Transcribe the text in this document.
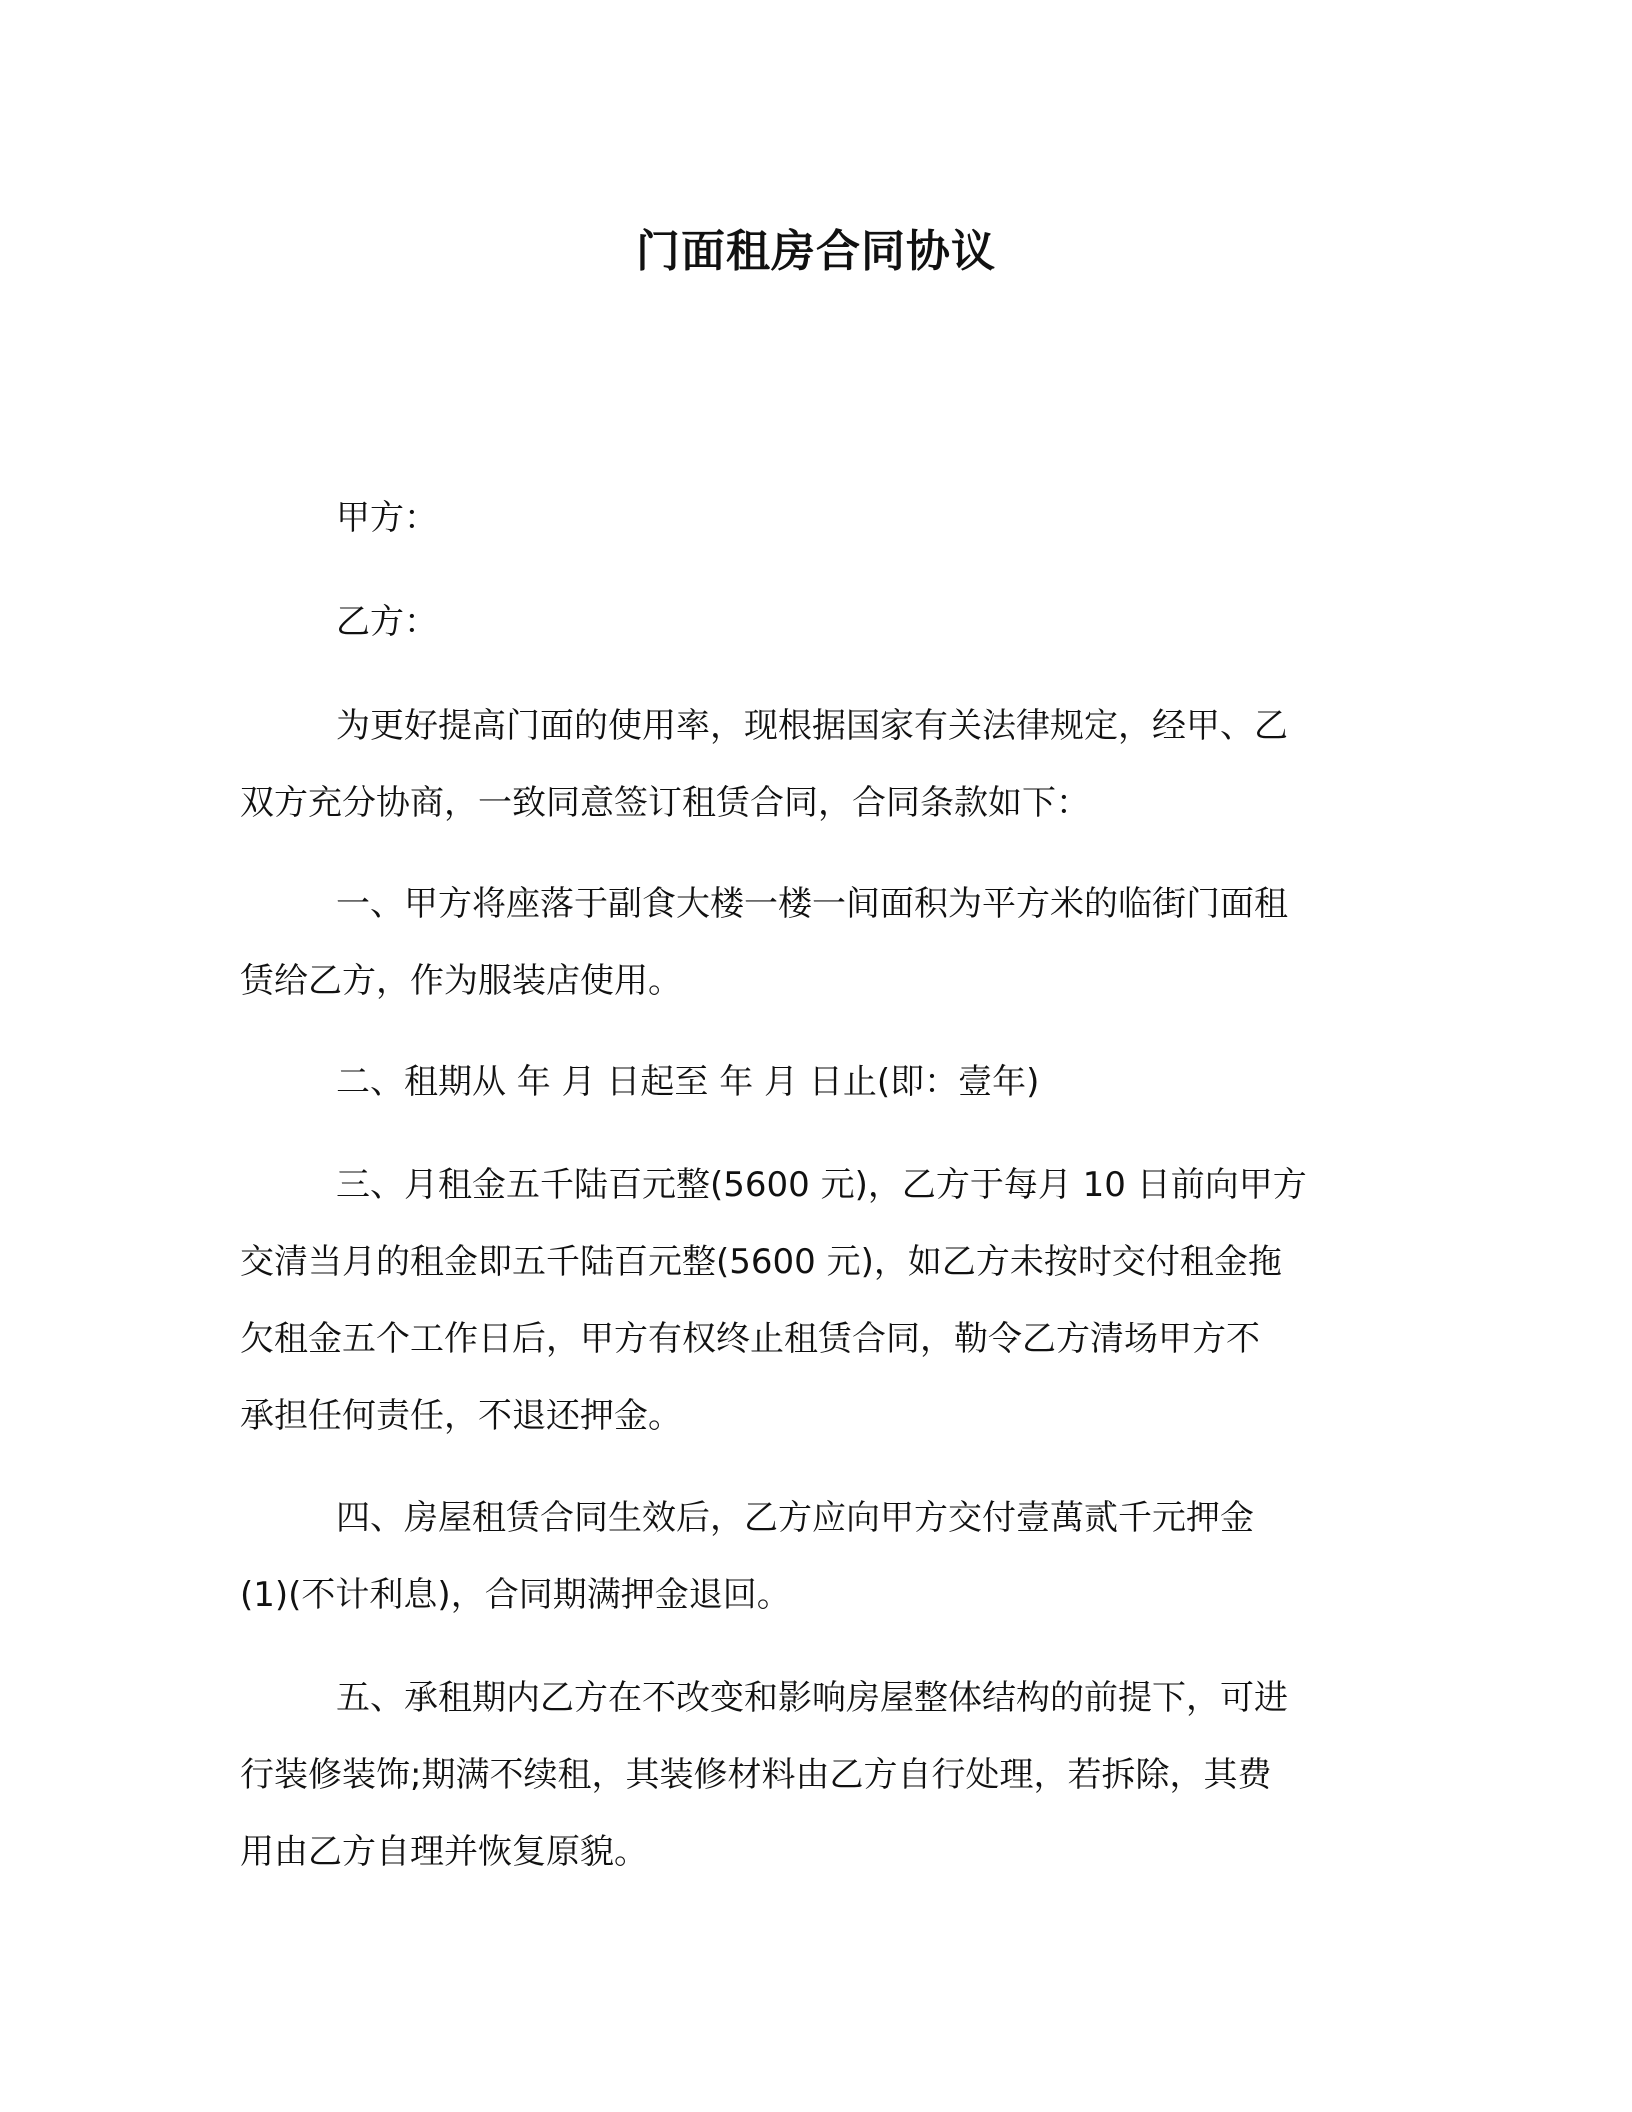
门面租房合同协议
甲方：
乙方：
为更好提高门面的使用率，现根据国家有关法律规定，经甲、乙
双方充分协商，一致同意签订租赁合同，合同条款如下：
一、甲方将座落于副食大楼一楼一间面积为平方米的临街门面租
赁给乙方，作为服装店使用。
二、租期从 年 月 日起至 年 月 日止(即：壹年)
三、月租金五千陆百元整(5600 元)，乙方于每月 10 日前向甲方
交清当月的租金即五千陆百元整(5600 元)，如乙方未按时交付租金拖
欠租金五个工作日后，甲方有权终止租赁合同，勒令乙方清场甲方不
承担任何责任，不退还押金。
四、房屋租赁合同生效后，乙方应向甲方交付壹萬贰千元押金
(1)(不计利息)，合同期满押金退回。
五、承租期内乙方在不改变和影响房屋整体结构的前提下，可进
行装修装饰;期满不续租，其装修材料由乙方自行处理，若拆除，其费
用由乙方自理并恢复原貌。
